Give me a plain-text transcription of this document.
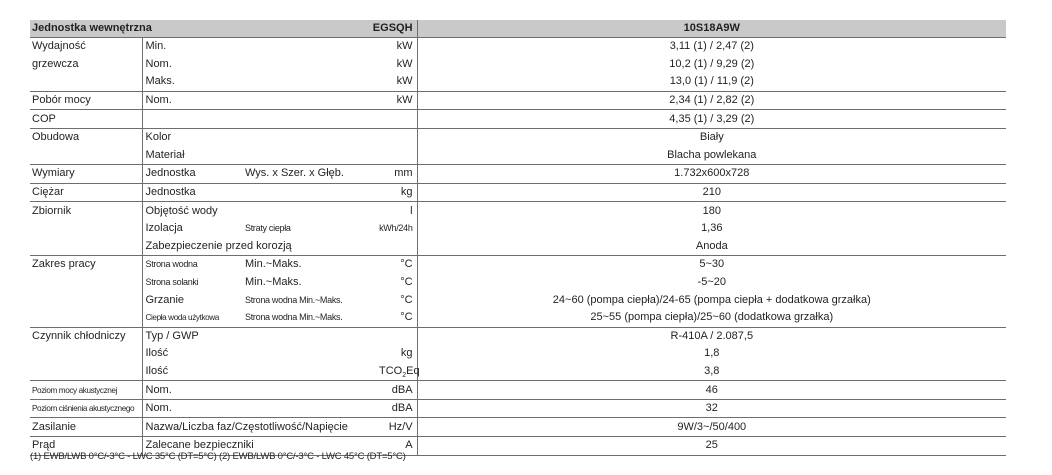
Jednostka wewnętrzna		EGSQH		10S18A9W
Wydajność	Min.		kW	3,11 (1) / 2,47 (2)
grzewcza	Nom.		kW	10,2 (1) / 9,29 (2)
	Maks.		kW	13,0 (1) / 11,9 (2)
Pobór mocy	Nom.		kW	2,34 (1) / 2,82 (2)
COP				4,35 (1) / 3,29 (2)
Obudowa	Kolor			Biały
	Materiał			Blacha powlekana
Wymiary	Jednostka	Wys. x Szer. x Głęb.	mm	1.732x600x728
Ciężar	Jednostka		kg	210
Zbiornik	Objętość wody		l	180
	Izolacja	Straty ciepła	kWh/24h	1,36
	Zabezpieczenie przed korozją			Anoda
Zakres pracy	Strona wodna	Min.~Maks.	°C	5~30
	Strona solanki	Min.~Maks.	°C	-5~20
	Grzanie	Strona wodna Min.~Maks.	°C	24~60 (pompa ciepła)/24-65 (pompa ciepła + dodatkowa grzałka)
	Ciepła woda użytkowa	Strona wodna Min.~Maks.	°C	25~55 (pompa ciepła)/25~60 (dodatkowa grzałka)
Czynnik chłodniczy	Typ / GWP			R-410A / 2.087,5
	Ilość		kg	1,8
	Ilość		$TCO_2Eq$	3,8
Poziom mocy akustycznej	Nom.		dBA	46
Poziom ciśnienia akustycznego	Nom.		dBA	32
Zasilanie	Nazwa/Liczba faz/Częstotliwość/Napięcie		Hz/V	9W/3~/50/400
Prąd	Zalecane bezpieczniki		A	25
(1) EWB/LWB 0°C/-3°C - LWC 35°C (DT=5°C) (2) EWB/LWB 0°C/-3°C - LWC 45°C (DT=5°C)
